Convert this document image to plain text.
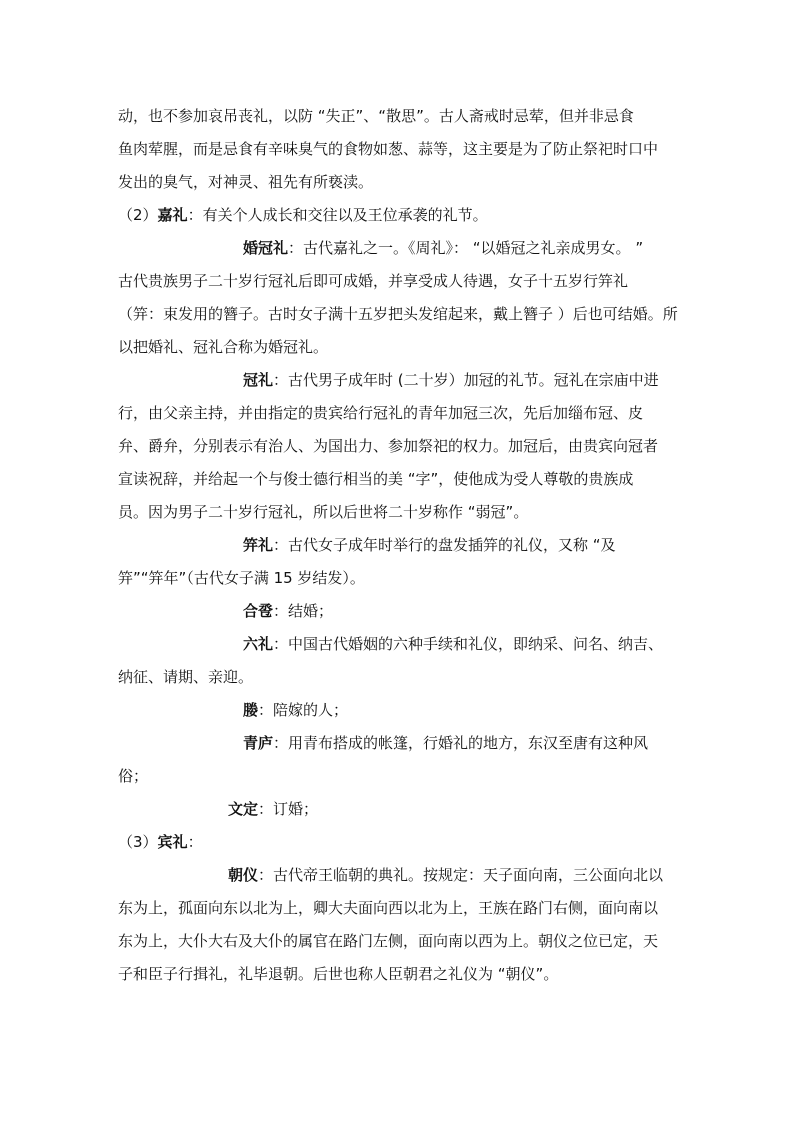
动，也不参加哀吊丧礼，以防 “失正”、“散思”。古人斋戒时忌荤，但并非忌食
鱼肉荤腥，而是忌食有辛味臭气的食物如葱、蒜等，这主要是为了防止祭祀时口中
发出的臭气，对神灵、祖先有所亵渎。
（2）嘉礼：有关个人成长和交往以及王位承袭的礼节。
婚冠礼：古代嘉礼之一。《周礼》： “以婚冠之礼亲成男女。 ”
古代贵族男子二十岁行冠礼后即可成婚，并享受成人待遇，女子十五岁行笄礼
（笄：束发用的簪子。古时女子满十五岁把头发绾起来，戴上簪子 ）后也可结婚。所
以把婚礼、冠礼合称为婚冠礼。
冠礼：古代男子成年时 (二十岁）加冠的礼节。冠礼在宗庙中进
行，由父亲主持，并由指定的贵宾给行冠礼的青年加冠三次，先后加缁布冠、皮
弁、爵弁，分别表示有治人、为国出力、参加祭祀的权力。加冠后，由贵宾向冠者
宣读祝辞，并给起一个与俊士德行相当的美 “字”，使他成为受人尊敬的贵族成
员。因为男子二十岁行冠礼，所以后世将二十岁称作 “弱冠”。
笄礼：古代女子成年时举行的盘发插笄的礼仪，又称 “及
笄”“笄年”（古代女子满 15 岁结发）。
合卺：结婚；
六礼：中国古代婚姻的六种手续和礼仪，即纳采、问名、纳吉、
纳征、请期、亲迎。
媵：陪嫁的人；
青庐：用青布搭成的帐篷，行婚礼的地方，东汉至唐有这种风
俗；
文定：订婚；
（3）宾礼：
朝仪：古代帝王临朝的典礼。按规定：天子面向南，三公面向北以
东为上，孤面向东以北为上，卿大夫面向西以北为上，王族在路门右侧，面向南以
东为上，大仆大右及大仆的属官在路门左侧，面向南以西为上。朝仪之位已定，天
子和臣子行揖礼，礼毕退朝。后世也称人臣朝君之礼仪为 “朝仪”。
